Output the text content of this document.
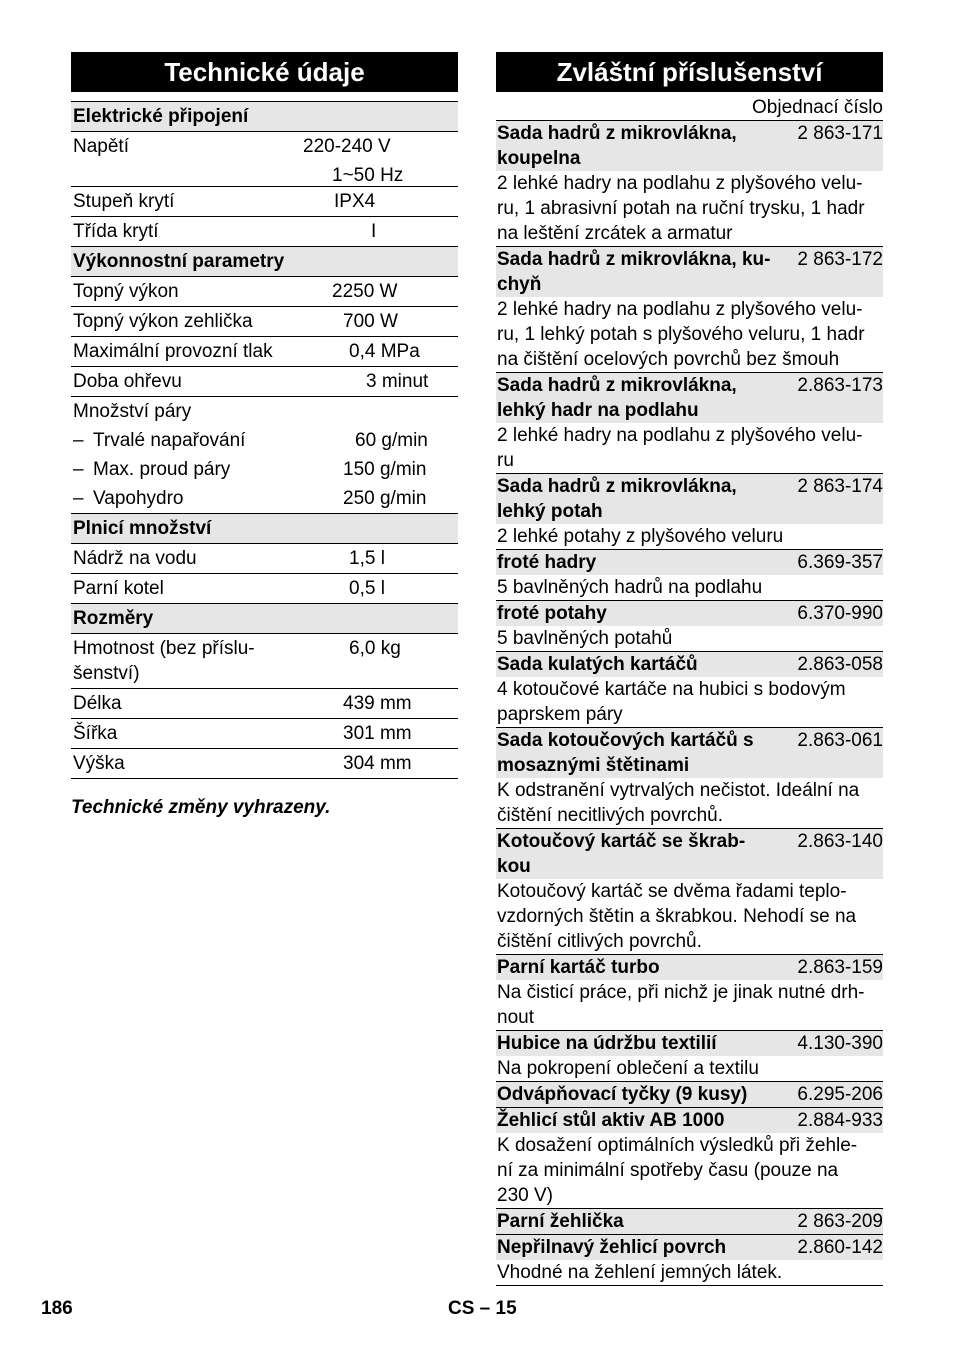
Technické údaje
Elektrické připojení
Napětí	220-240 V

1~50 Hz
Stupeň krytí	IPX4
Třída krytí	I
Výkonnostní parametry
Topný výkon	2250 W
Topný výkon zehlička	700 W
Maximální provozní tlak	0,4 MPa
Doba ohřevu	3 minut
Množství páry
– Trvalé napařování	60 g/min
– Max. proud páry	150 g/min
– Vapohydro	250 g/min
Plnicí množství
Nádrž na vodu	1,5 l
Parní kotel	0,5 l
Rozměry
Hmotnost (bez příslu-
šenství)
6,0 kg
Délka	439 mm
Šířka	301 mm
Výška	304 mm
Technické změny vyhrazeny.
Zvláštní příslušenství
Objednací číslo
Sada hadrů z mikrovlákna,
koupelna
2 863-171
2 lehké hadry na podlahu z plyšového velu-
ru, 1 abrasivní potah na ruční trysku, 1 hadr
na leštění zrcátek a armatur
Sada hadrů z mikrovlákna, ku-
chyň
2 863-172
2 lehké hadry na podlahu z plyšového velu-
ru, 1 lehký potah s plyšového veluru, 1 hadr
na čištění ocelových povrchů bez šmouh
Sada hadrů z mikrovlákna,
lehký hadr na podlahu
2.863-173
2 lehké hadry na podlahu z plyšového velu-
ru
Sada hadrů z mikrovlákna,
lehký potah
2 863-174
2 lehké potahy z plyšového veluru
froté hadry	6.369-357
5 bavlněných hadrů na podlahu
froté potahy	6.370-990
5 bavlněných potahů
Sada kulatých kartáčů	2.863-058
4 kotoučové kartáče na hubici s bodovým
paprskem páry
Sada kotoučových kartáčů s
mosaznými štětinami
2.863-061
K odstranění vytrvalých nečistot. Ideální na
čištění necitlivých povrchů.
Kotoučový kartáč se škrab-
kou
2.863-140
Kotoučový kartáč se dvěma řadami teplo-
vzdorných štětin a škrabkou. Nehodí se na
čištění citlivých povrchů.
Parní kartáč turbo	2.863-159
Na čisticí práce, při nichž je jinak nutné drh-
nout
Hubice na údržbu textilií	4.130-390
Na pokropení oblečení a textilu
Odvápňovací tyčky (9 kusy)	6.295-206
Žehlicí stůl aktiv AB 1000	2.884-933
K dosažení optimálních výsledků při žehle-
ní za minimální spotřeby času (pouze na
230 V)
Parní žehlička	2 863-209
Nepřilnavý žehlicí povrch	2.860-142
Vhodné na žehlení jemných látek.
186	CS – 15
